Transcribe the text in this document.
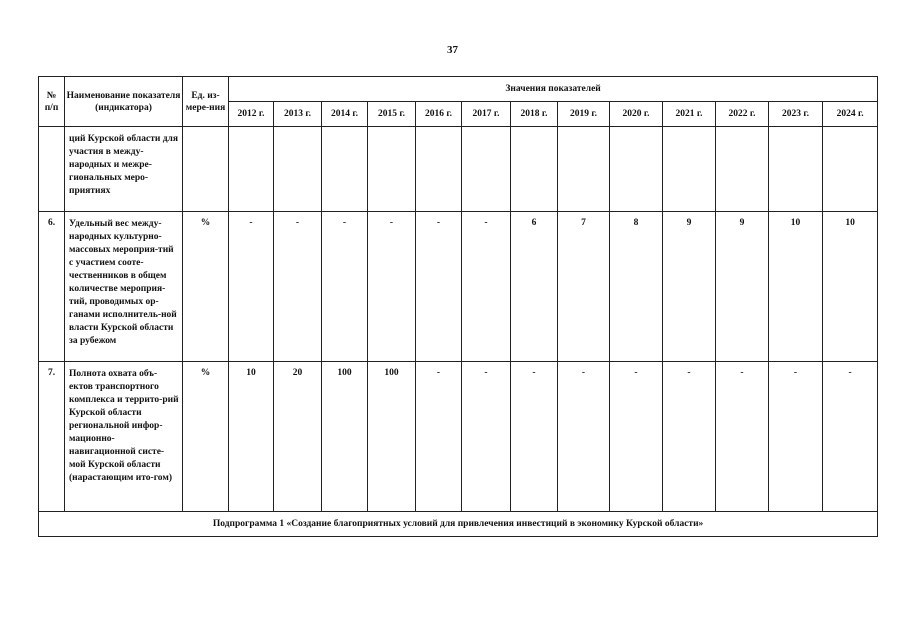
37
№
п/п	Наименование показателя (индикатора)	Ед. из-мере-ния	Значения показателей												
			2012 г.	2013 г.	2014 г.	2015 г.	2016 г.	2017 г.	2018 г.	2019 г.	2020 г.	2021 г.	2022 г.	2023 г.	2024 г.
	ций Курской области для участия в между-народных и межре-гиональных меро-приятиях														
6.	Удельный вес между-народных культурно-массовых мероприя-тий с участием соотe-чественников в общем количестве мероприя-тий, проводимых ор-ганами исполнитель-ной власти Курской области за рубежом	%	-	-	-	-	-	-	6	7	8	9	9	10	10
7.	Полнота охвата объ-ектов транспортного комплекса и террито-рий Курской области региональной инфор-мационно-навигационной систе-мой Курской области (нарастающим ито-гом)	%	10	20	100	100	-	-	-	-	-	-	-	-	-
Подпрограмма 1 «Создание благоприятных условий для привлечения инвестиций в экономику Курской области»															
